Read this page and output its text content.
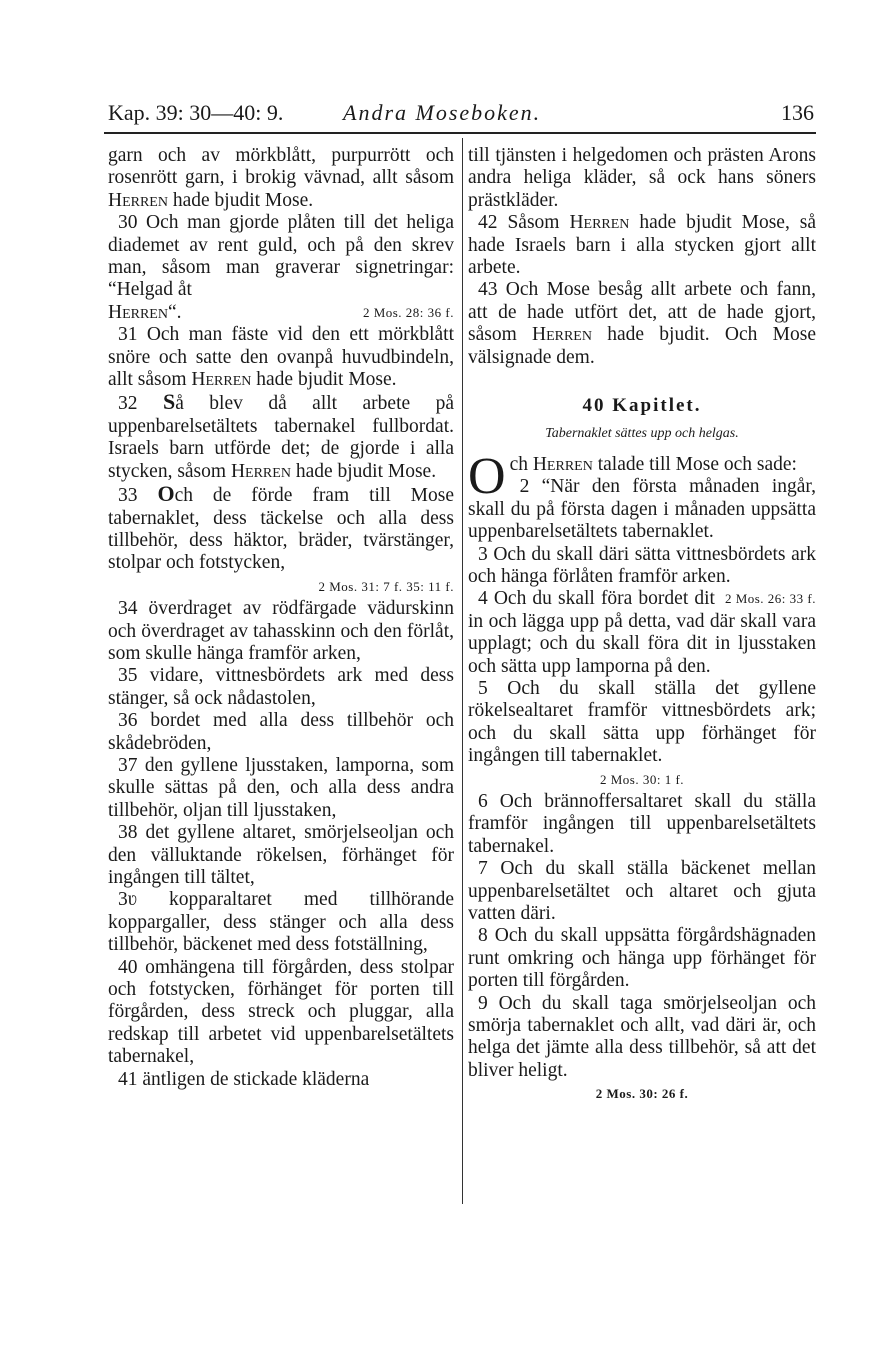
Kap. 39: 30—40: 9.	Andra Moseboken.	136

garn och av mörkblått, purpurrött och rosenrött garn, i brokig vävnad, allt såsom Herren hade bjudit Mose.

30 Och man gjorde plåten till det heliga diademet av rent guld, och på den skrev man, såsom man graverar signetringar: “Helgad åt
Herren“.	2 Mos. 28: 36 f.

31 Och man fäste vid den ett mörkblått snöre och satte den ovanpå huvudbindeln, allt såsom Herren hade bjudit Mose.

32 Så blev då allt arbete på uppenbarelsetältets tabernakel fullbordat. Israels barn utförde det; de gjorde i alla stycken, såsom Herren hade bjudit Mose.

33 Och de förde fram till Mose tabernaklet, dess täckelse och alla dess tillbehör, dess häktor, bräder, tvärstänger, stolpar och fotstycken,

2 Mos. 31: 7 f. 35: 11 f.

34 överdraget av rödfärgade vädurskinn och överdraget av tahasskinn och den förlåt, som skulle hänga framför arken,

35 vidare, vittnesbördets ark med dess stänger, så ock nådastolen,

36 bordet med alla dess tillbehör och skådebröden,

37 den gyllene ljusstaken, lamporna, som skulle sättas på den, och alla dess andra tillbehör, oljan till ljusstaken,

38 det gyllene altaret, smörjelseoljan och den välluktande rökelsen, förhänget för ingången till tältet,

3ʋ kopparaltaret med tillhörande koppargaller, dess stänger och alla dess tillbehör, bäckenet med dess fotställning,

40 omhängena till förgården, dess stolpar och fotstycken, förhänget för porten till förgården, dess streck och pluggar, alla redskap till arbetet vid uppenbarelsetältets tabernakel,

41 äntligen de stickade kläderna

till tjänsten i helgedomen och prästen Arons andra heliga kläder, så ock hans söners prästkläder.

42 Såsom Herren hade bjudit Mose, så hade Israels barn i alla stycken gjort allt arbete.

43 Och Mose besåg allt arbete och fann, att de hade utfört det, att de hade gjort, såsom Herren hade bjudit. Och Mose välsignade dem.

40 Kapitlet.

Tabernaklet sättes upp och helgas.

Och Herren talade till Mose och sade:

2 “När den första månaden ingår, skall du på första dagen i månaden uppsätta uppenbarelsetältets tabernaklet.

3 Och du skall däri sätta vittnesbördets ark och hänga förlåten framför arken.
2 Mos. 26: 33 f.

4 Och du skall föra bordet dit in och lägga upp på detta, vad där skall vara upplagt; och du skall föra dit in ljusstaken och sätta upp lamporna på den.

5 Och du skall ställa det gyllene rökelsealtaret framför vittnesbördets ark; och du skall sätta upp förhänget för ingången till tabernaklet.

2 Mos. 30: 1 f.

6 Och brännoffersaltaret skall du ställa framför ingången till uppenbarelsetältets tabernakel.

7 Och du skall ställa bäckenet mellan uppenbarelsetältet och altaret och gjuta vatten däri.

8 Och du skall uppsätta förgårdshägnaden runt omkring och hänga upp förhänget för porten till förgården.

9 Och du skall taga smörjelseoljan och smörja tabernaklet och allt, vad däri är, och helga det jämte alla dess tillbehör, så att det bliver heligt.

2 Mos. 30: 26 f.
